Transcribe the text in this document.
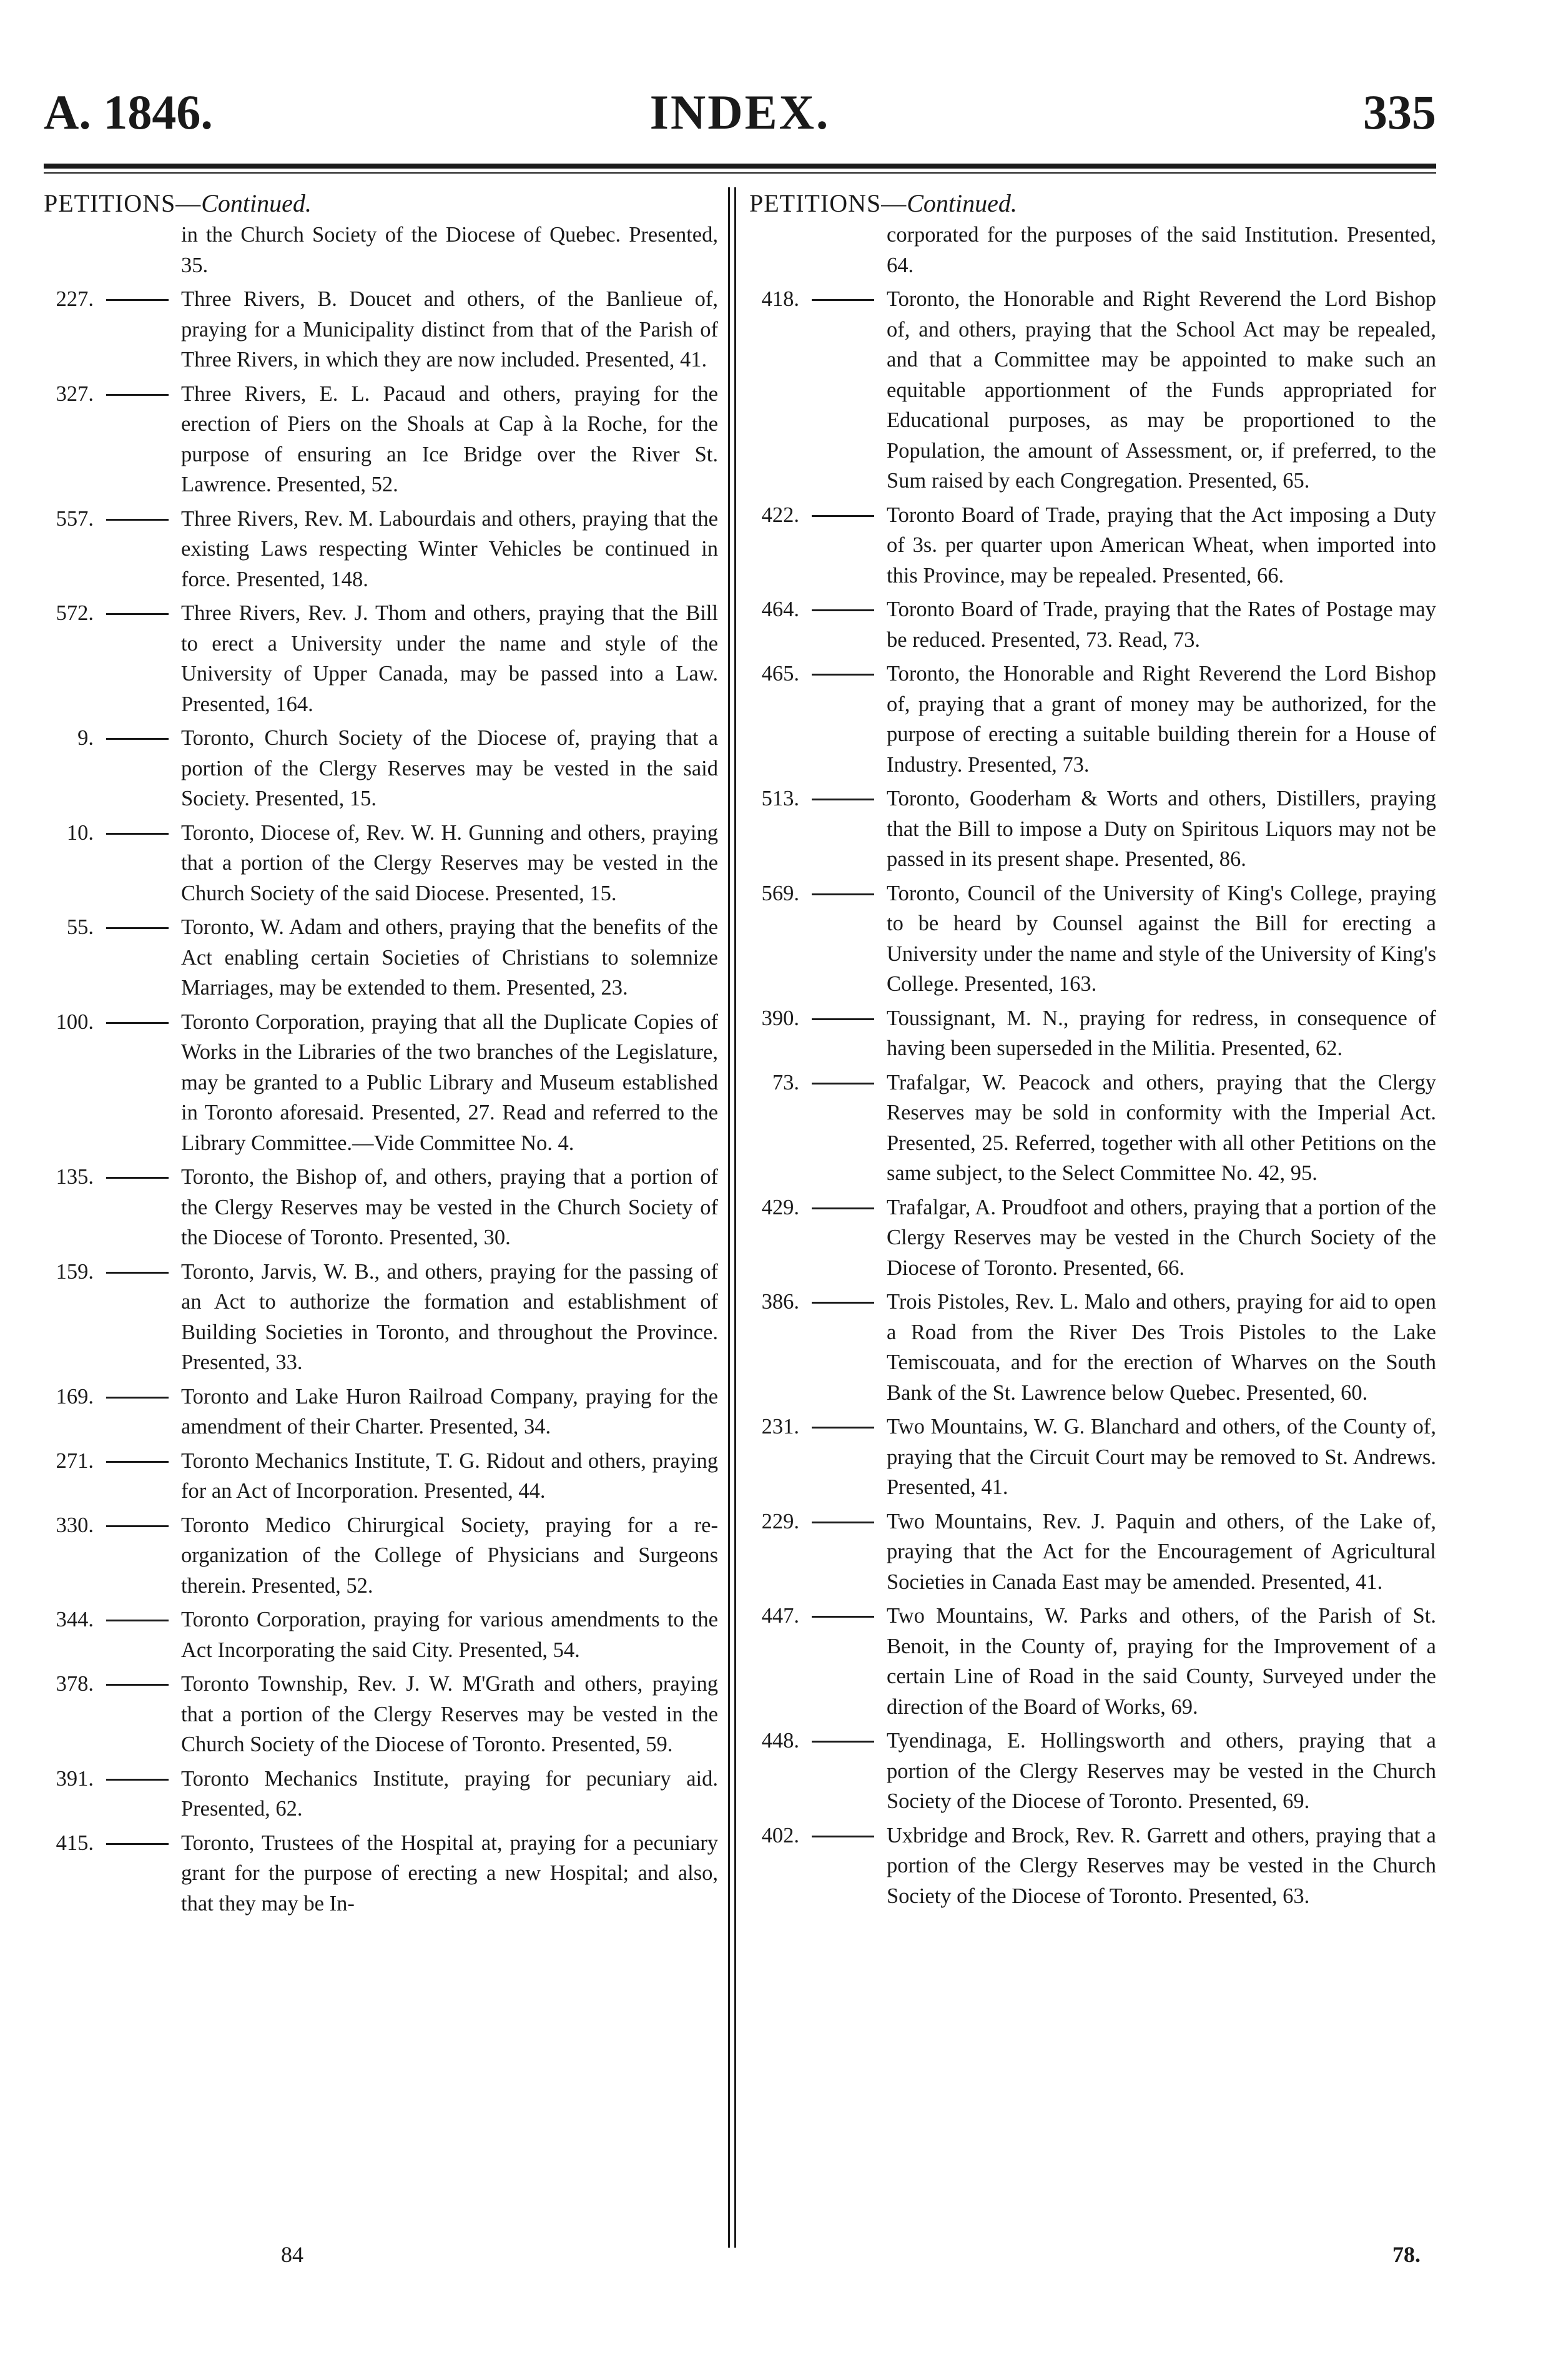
A. 1846.	INDEX.	335
PETITIONS—Continued.
in the Church Society of the Diocese of Quebec. Presented, 35.
227.	Three Rivers, B. Doucet and others, of the Banlieue of, praying for a Municipality distinct from that of the Parish of Three Rivers, in which they are now included. Presented, 41.
327.	Three Rivers, E. L. Pacaud and others, praying for the erection of Piers on the Shoals at Cap à la Roche, for the purpose of ensuring an Ice Bridge over the River St. Lawrence. Presented, 52.
557.	Three Rivers, Rev. M. Labourdais and others, praying that the existing Laws respecting Winter Vehicles be continued in force. Presented, 148.
572.	Three Rivers, Rev. J. Thom and others, praying that the Bill to erect a University under the name and style of the University of Upper Canada, may be passed into a Law. Presented, 164.
9.	Toronto, Church Society of the Diocese of, praying that a portion of the Clergy Reserves may be vested in the said Society. Presented, 15.
10.	Toronto, Diocese of, Rev. W. H. Gunning and others, praying that a portion of the Clergy Reserves may be vested in the Church Society of the said Diocese. Presented, 15.
55.	Toronto, W. Adam and others, praying that the benefits of the Act enabling certain Societies of Christians to solemnize Marriages, may be extended to them. Presented, 23.
100.	Toronto Corporation, praying that all the Duplicate Copies of Works in the Libraries of the two branches of the Legislature, may be granted to a Public Library and Museum established in Toronto aforesaid. Presented, 27. Read and referred to the Library Committee.—Vide Committee No. 4.
135.	Toronto, the Bishop of, and others, praying that a portion of the Clergy Reserves may be vested in the Church Society of the Diocese of Toronto. Presented, 30.
159.	Toronto, Jarvis, W. B., and others, praying for the passing of an Act to authorize the formation and establishment of Building Societies in Toronto, and throughout the Province. Presented, 33.
169.	Toronto and Lake Huron Railroad Company, praying for the amendment of their Charter. Presented, 34.
271.	Toronto Mechanics Institute, T. G. Ridout and others, praying for an Act of Incorporation. Presented, 44.
330.	Toronto Medico Chirurgical Society, praying for a re-organization of the College of Physicians and Surgeons therein. Presented, 52.
344.	Toronto Corporation, praying for various amendments to the Act Incorporating the said City. Presented, 54.
378.	Toronto Township, Rev. J. W. M'Grath and others, praying that a portion of the Clergy Reserves may be vested in the Church Society of the Diocese of Toronto. Presented, 59.
391.	Toronto Mechanics Institute, praying for pecuniary aid. Presented, 62.
415.	Toronto, Trustees of the Hospital at, praying for a pecuniary grant for the purpose of erecting a new Hospital; and also, that they may be In-
PETITIONS—Continued.
corporated for the purposes of the said Institution. Presented, 64.
418.	Toronto, the Honorable and Right Reverend the Lord Bishop of, and others, praying that the School Act may be repealed, and that a Committee may be appointed to make such an equitable apportionment of the Funds appropriated for Educational purposes, as may be proportioned to the Population, the amount of Assessment, or, if preferred, to the Sum raised by each Congregation. Presented, 65.
422.	Toronto Board of Trade, praying that the Act imposing a Duty of 3s. per quarter upon American Wheat, when imported into this Province, may be repealed. Presented, 66.
464.	Toronto Board of Trade, praying that the Rates of Postage may be reduced. Presented, 73. Read, 73.
465.	Toronto, the Honorable and Right Reverend the Lord Bishop of, praying that a grant of money may be authorized, for the purpose of erecting a suitable building therein for a House of Industry. Presented, 73.
513.	Toronto, Gooderham & Worts and others, Distillers, praying that the Bill to impose a Duty on Spiritous Liquors may not be passed in its present shape. Presented, 86.
569.	Toronto, Council of the University of King's College, praying to be heard by Counsel against the Bill for erecting a University under the name and style of the University of King's College. Presented, 163.
390.	Toussignant, M. N., praying for redress, in consequence of having been superseded in the Militia. Presented, 62.
73.	Trafalgar, W. Peacock and others, praying that the Clergy Reserves may be sold in conformity with the Imperial Act. Presented, 25. Referred, together with all other Petitions on the same subject, to the Select Committee No. 42, 95.
429.	Trafalgar, A. Proudfoot and others, praying that a portion of the Clergy Reserves may be vested in the Church Society of the Diocese of Toronto. Presented, 66.
386.	Trois Pistoles, Rev. L. Malo and others, praying for aid to open a Road from the River Des Trois Pistoles to the Lake Temiscouata, and for the erection of Wharves on the South Bank of the St. Lawrence below Quebec. Presented, 60.
231.	Two Mountains, W. G. Blanchard and others, of the County of, praying that the Circuit Court may be removed to St. Andrews. Presented, 41.
229.	Two Mountains, Rev. J. Paquin and others, of the Lake of, praying that the Act for the Encouragement of Agricultural Societies in Canada East may be amended. Presented, 41.
447.	Two Mountains, W. Parks and others, of the Parish of St. Benoit, in the County of, praying for the Improvement of a certain Line of Road in the said County, Surveyed under the direction of the Board of Works, 69.
448.	Tyendinaga, E. Hollingsworth and others, praying that a portion of the Clergy Reserves may be vested in the Church Society of the Diocese of Toronto. Presented, 69.
402.	Uxbridge and Brock, Rev. R. Garrett and others, praying that a portion of the Clergy Reserves may be vested in the Church Society of the Diocese of Toronto. Presented, 63.
84	78.
